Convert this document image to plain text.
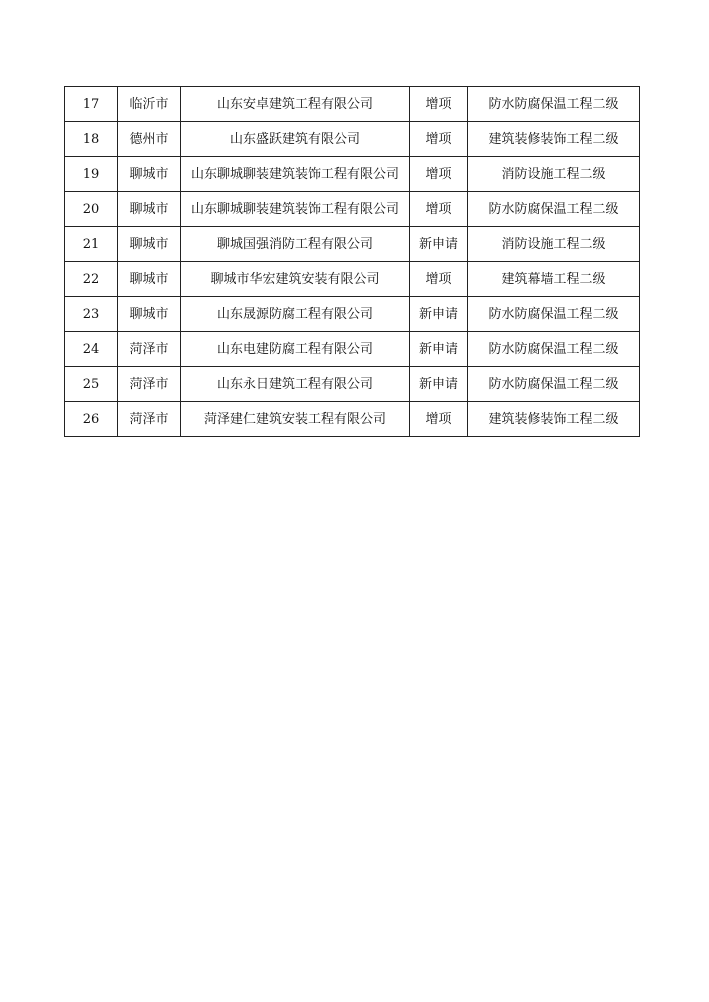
17	临沂市	山东安卓建筑工程有限公司	增项	防水防腐保温工程二级
18	德州市	山东盛跃建筑有限公司	增项	建筑装修装饰工程二级
19	聊城市	山东聊城聊装建筑装饰工程有限公司	增项	消防设施工程二级
20	聊城市	山东聊城聊装建筑装饰工程有限公司	增项	防水防腐保温工程二级
21	聊城市	聊城国强消防工程有限公司	新申请	消防设施工程二级
22	聊城市	聊城市华宏建筑安装有限公司	增项	建筑幕墙工程二级
23	聊城市	山东晟源防腐工程有限公司	新申请	防水防腐保温工程二级
24	菏泽市	山东电建防腐工程有限公司	新申请	防水防腐保温工程二级
25	菏泽市	山东永日建筑工程有限公司	新申请	防水防腐保温工程二级
26	菏泽市	菏泽建仁建筑安装工程有限公司	增项	建筑装修装饰工程二级
